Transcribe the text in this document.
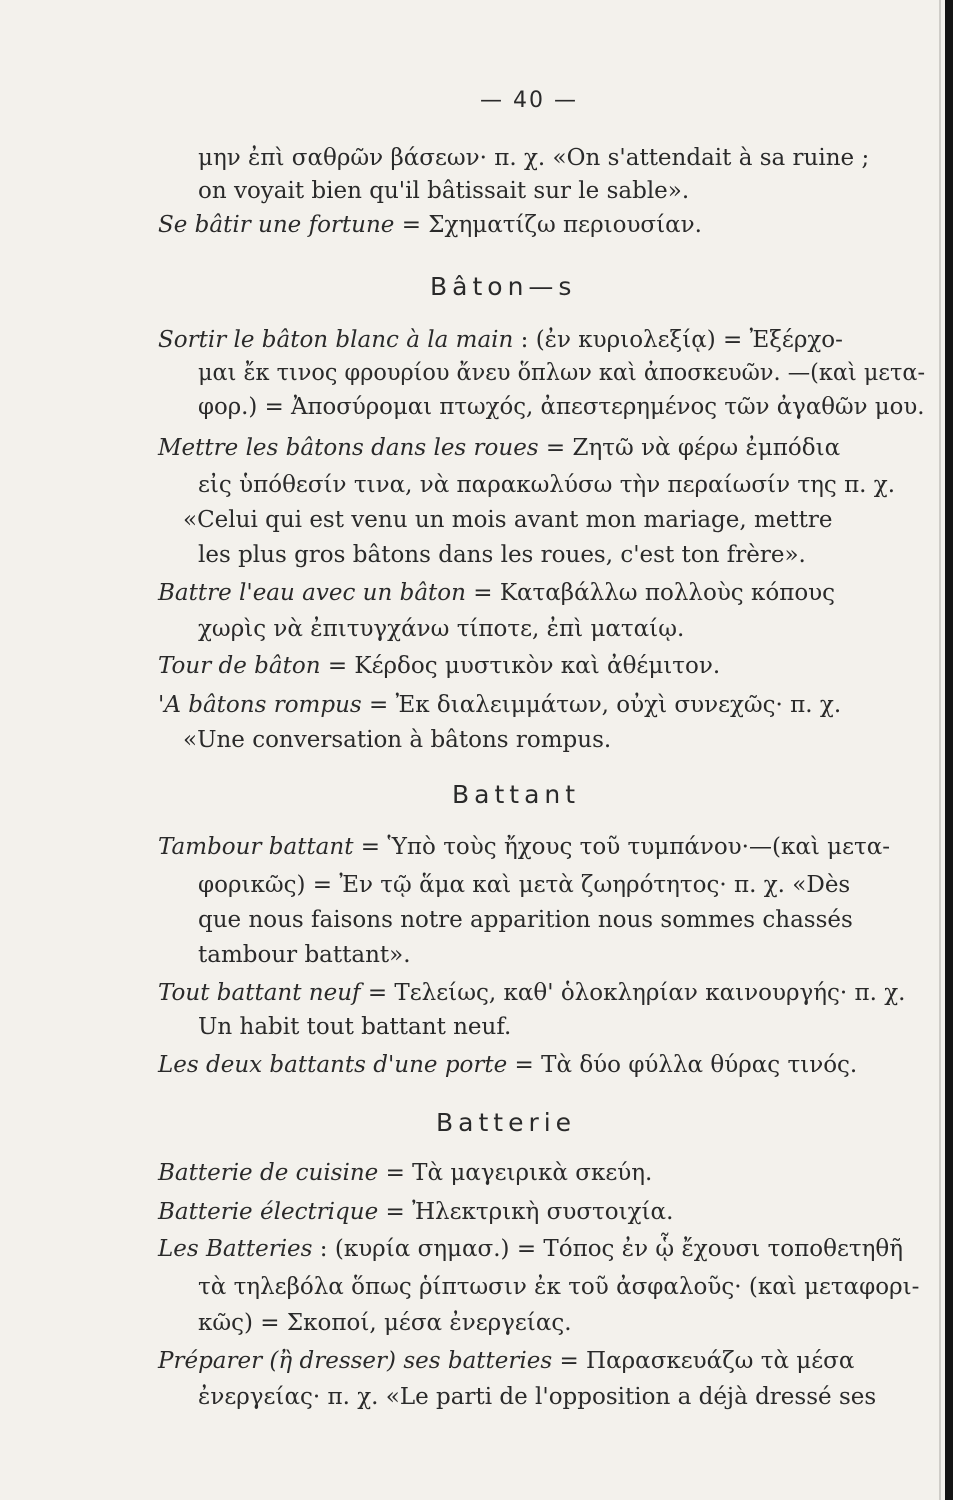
— 40 —
μην ἐπὶ σαθρῶν βάσεων· π. χ. «On s'attendait à sa ruine ;
on voyait bien qu'il bâtissait sur le sable».
Se bâtir une fortune = Σχηματίζω περιουσίαν.
Bâton—s
Sortir le bâton blanc à la main : (ἐν κυριολεξίᾳ) = Ἐξέρχο-
μαι ἔκ τινος φρουρίου ἄνευ ὅπλων καὶ ἀποσκευῶν. —(καὶ μετα-
φορ.) = Ἀποσύρομαι πτωχός, ἀπεστερημένος τῶν ἀγαθῶν μου.
Mettre les bâtons dans les roues = Ζητῶ νὰ φέρω ἐμπόδια
εἰς ὑπόθεσίν τινα, νὰ παρακωλύσω τὴν περαίωσίν της π. χ.
«Celui qui est venu un mois avant mon mariage, mettre
les plus gros bâtons dans les roues, c'est ton frère».
Battre l'eau avec un bâton = Καταβάλλω πολλοὺς κόπους
χωρὶς νὰ ἐπιτυγχάνω τίποτε, ἐπὶ ματαίῳ.
Tour de bâton = Κέρδος μυστικὸν καὶ ἀθέμιτον.
'A bâtons rompus = Ἐκ διαλειμμάτων, οὐχὶ συνεχῶς· π. χ.
«Une conversation à bâtons rompus.
Battant
Tambour battant = Ὑπὸ τοὺς ἤχους τοῦ τυμπάνου·—(καὶ μετα-
φορικῶς) = Ἐν τῷ ἅμα καὶ μετὰ ζωηρότητος· π. χ. «Dès
que nous faisons notre apparition nous sommes chassés
tambour battant».
Tout battant neuf = Τελείως, καθ' ὁλοκληρίαν καινουργής· π. χ.
Un habit tout battant neuf.
Les deux battants d'une porte = Τὰ δύο φύλλα θύρας τινός.
Batterie
Batterie de cuisine = Τὰ μαγειρικὰ σκεύη.
Batterie électrique = Ἠλεκτρικὴ συστοιχία.
Les Batteries : (κυρία σημασ.) = Τόπος ἐν ᾧ ἔχουσι τοποθετηθῆ
τὰ τηλεβόλα ὅπως ῥίπτωσιν ἐκ τοῦ ἀσφαλοῦς· (καὶ μεταφορι-
κῶς) = Σκοποί, μέσα ἐνεργείας.
Préparer (ἢ dresser) ses batteries = Παρασκευάζω τὰ μέσα
ἐνεργείας· π. χ. «Le parti de l'opposition a déjà dressé ses
